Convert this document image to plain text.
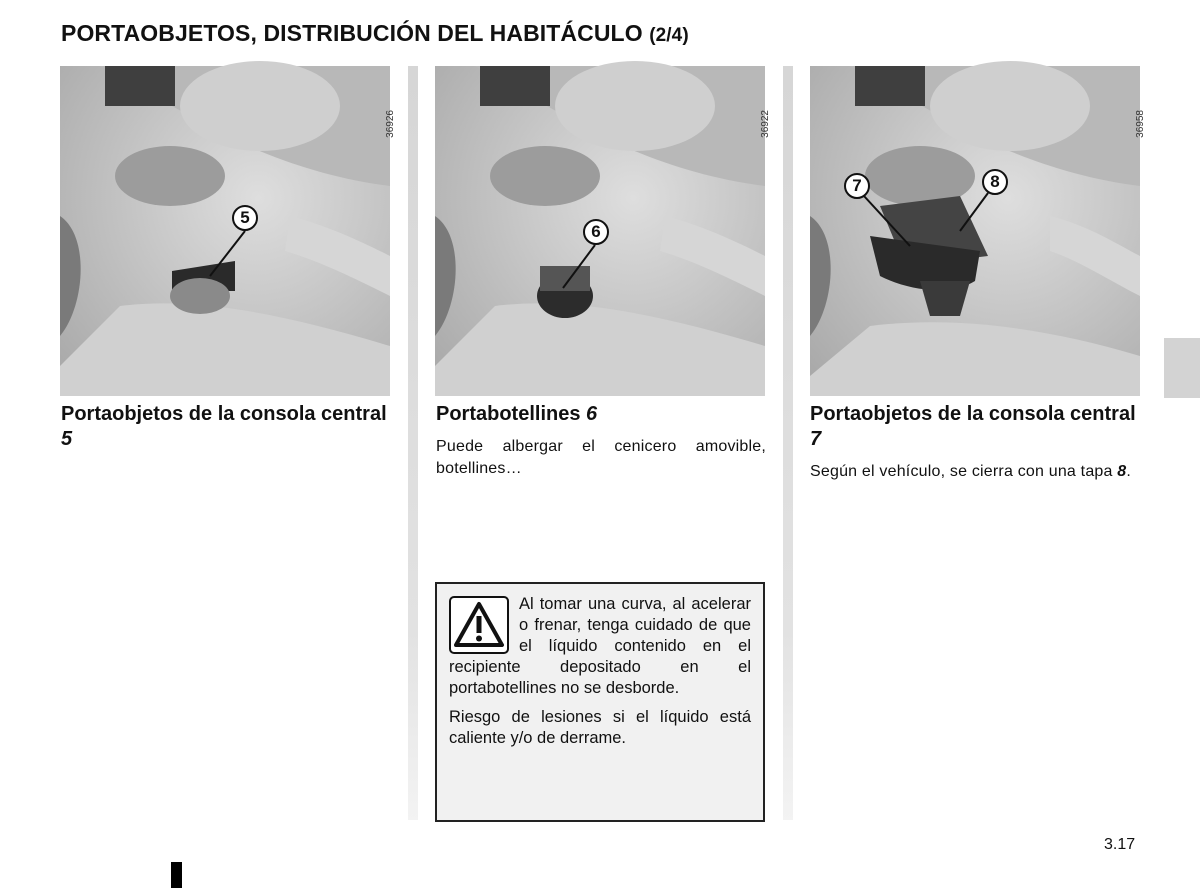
PORTAOBJETOS, DISTRIBUCIÓN DEL HABITÁCULO (2/4)
36926
5
36922
6
36958
7	8
Portaobjetos de la consola central 5
Portabotellines 6

Puede albergar el cenicero amovible, botellines…

Portaobjetos de la consola central 7

Según el vehículo, se cierra con una tapa 8.

Al tomar una curva, al acelerar o frenar, tenga cuidado de que el líquido contenido en el recipiente depositado en el portabotellines no se desborde.

Riesgo de lesiones si el líquido está caliente y/o de derrame.

3.17
